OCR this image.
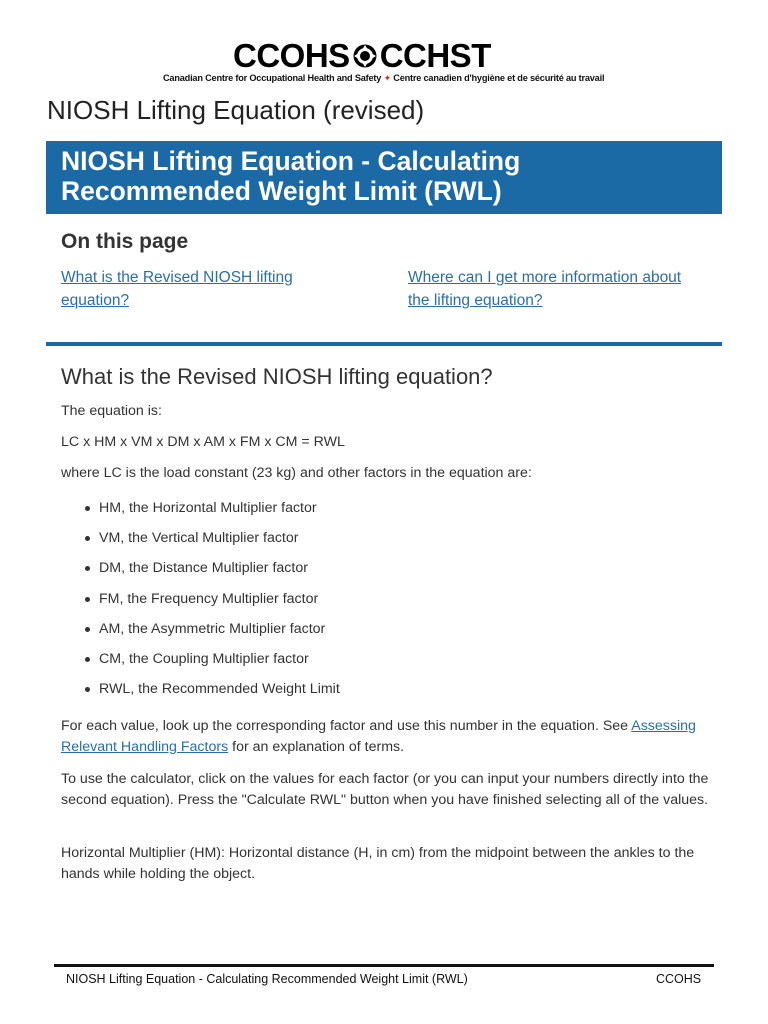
CCOHS CCHST
Canadian Centre for Occupational Health and Safety ✦ Centre canadien d'hygiène et de sécurité au travail
NIOSH Lifting Equation (revised)
NIOSH Lifting Equation - Calculating Recommended Weight Limit (RWL)
On this page
What is the Revised NIOSH lifting equation?
Where can I get more information about the lifting equation?
What is the Revised NIOSH lifting equation?

The equation is:

LC x HM x VM x DM x AM x FM x CM = RWL

where LC is the load constant (23 kg) and other factors in the equation are:

HM, the Horizontal Multiplier factor
VM, the Vertical Multiplier factor
DM, the Distance Multiplier factor
FM, the Frequency Multiplier factor
AM, the Asymmetric Multiplier factor
CM, the Coupling Multiplier factor
RWL, the Recommended Weight Limit

For each value, look up the corresponding factor and use this number in the equation. See Assessing Relevant Handling Factors for an explanation of terms.

To use the calculator, click on the values for each factor (or you can input your numbers directly into the second equation). Press the "Calculate RWL" button when you have finished selecting all of the values.

Horizontal Multiplier (HM): Horizontal distance (H, in cm) from the midpoint between the ankles to the hands while holding the object.

NIOSH Lifting Equation - Calculating Recommended Weight Limit (RWL)	CCOHS
